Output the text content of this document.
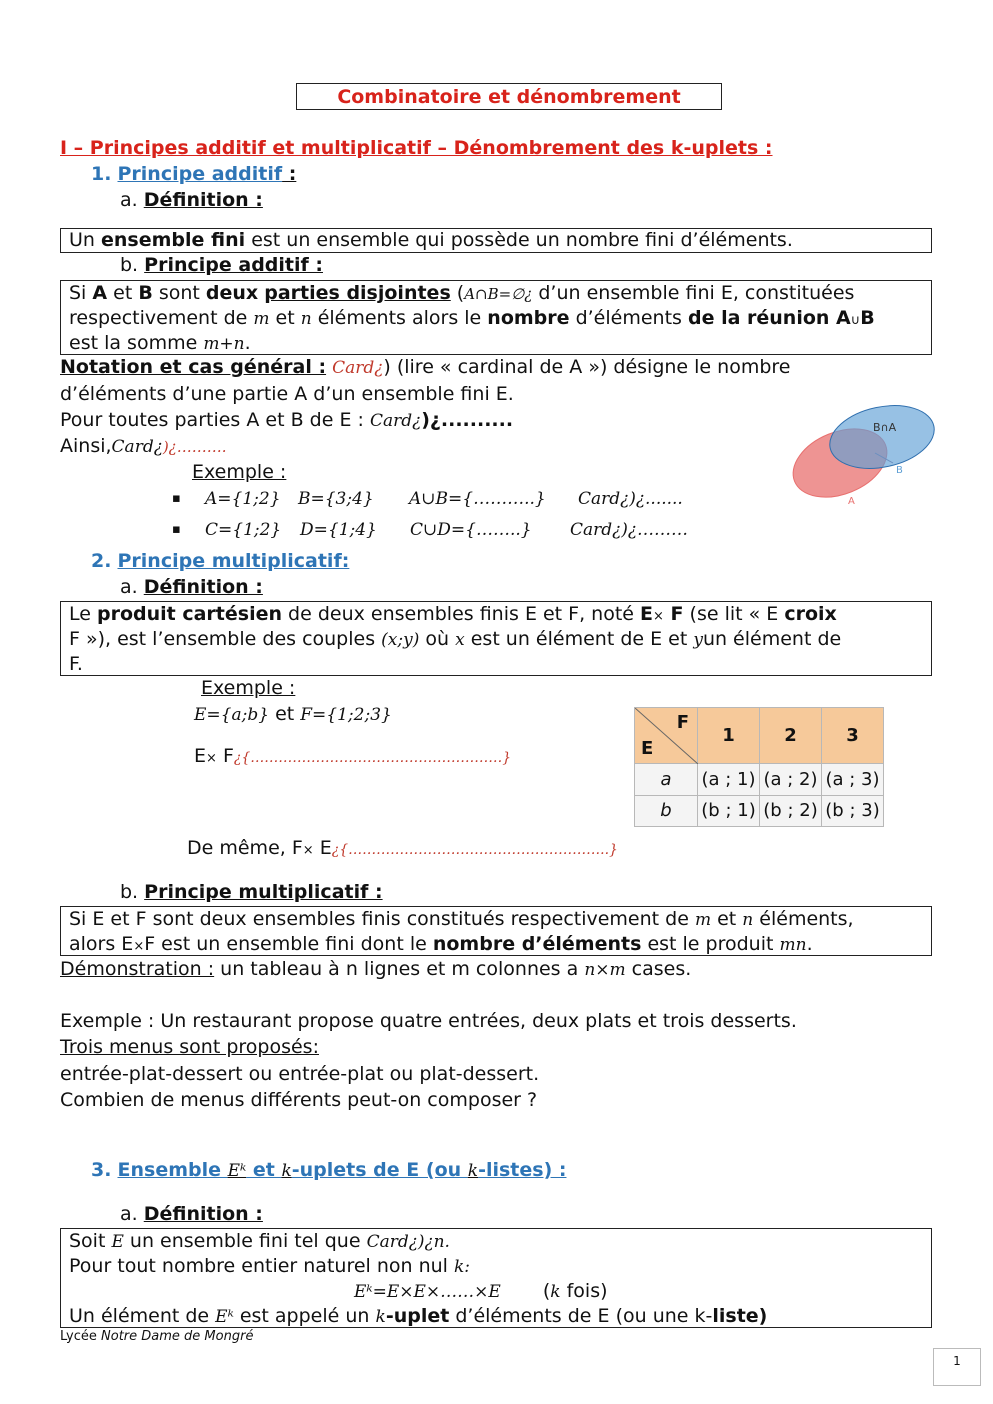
Combinatoire et dénombrement
I – Principes additif et multiplicatif – Dénombrement des k-uplets :
1. Principe additif :
a. Définition :
Un ensemble fini est un ensemble qui possède un nombre fini d’éléments.
b. Principe additif :
Si A et B sont deux parties disjointes (A∩B=∅¿ d’un ensemble fini E, constituées
respectivement de m et n éléments alors le nombre d’éléments de la réunion A∪B
est la somme m+n.
Notation et cas général : Card¿) (lire « cardinal de A ») désigne le nombre
d’éléments d’une partie A d’un ensemble fini E.
Pour toutes parties A et B de E : Card¿)¿..........
Ainsi,Card¿)¿……….
Exemple :
▪ A={1;2} B={3;4} A∪B={………..} Card¿)¿.......
▪ C={1;2} D={1;4} C∪D={……..} Card¿)¿………
B∩A
B
A
2. Principe multiplicatif:
a. Définition :
Le produit cartésien de deux ensembles finis E et F, noté E× F (se lit « E croix
F »), est l’ensemble des couples (x;y) où x est un élément de E et yun élément de
F.
Exemple :
E={a;b} et F={1;2;3}
E× F¿{………………………………………………}
De même, F× E¿{………………………………………………..}
F
E	1	2	3
a	(a ; 1)	(a ; 2)	(a ; 3)
b	(b ; 1)	(b ; 2)	(b ; 3)
b. Principe multiplicatif :
Si E et F sont deux ensembles finis constitués respectivement de m et n éléments,
alors E×F est un ensemble fini dont le nombre d’éléments est le produit mn.
Démonstration : un tableau à n lignes et m colonnes a n×m cases.
Exemple : Un restaurant propose quatre entrées, deux plats et trois desserts.
Trois menus sont proposés:
entrée-plat-dessert ou entrée-plat ou plat-dessert.
Combien de menus différents peut-on composer ?
3. Ensemble Eᵏ et k-uplets de E (ou k-listes) :
a. Définition :
Soit E un ensemble fini tel que Card¿)¿n.
Pour tout nombre entier naturel non nul k:
Eᵏ=E×E×……×E (k fois)
Un élément de Eᵏ est appelé un k-uplet d’éléments de E (ou une k-liste)
Lycée Notre Dame de Mongré
1
